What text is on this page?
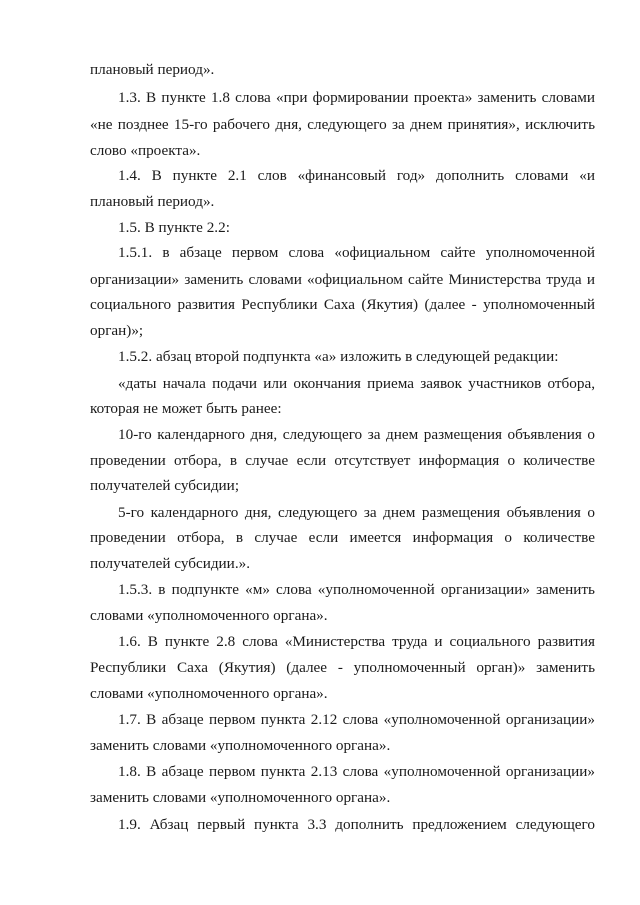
плановый период».
1.3. В пункте 1.8 слова «при формировании проекта» заменить словами
«не позднее 15-го рабочего дня, следующего за днем принятия», исключить
слово «проекта».
1.4. В пункте 2.1 слов «финансовый год» дополнить словами «и
плановый период».
1.5. В пункте 2.2:
1.5.1. в абзаце первом слова «официальном сайте уполномоченной
организации» заменить словами «официальном сайте Министерства труда и
социального развития Республики Саха (Якутия) (далее - уполномоченный
орган)»;
1.5.2. абзац второй подпункта «а» изложить в следующей редакции:
«даты начала подачи или окончания приема заявок участников отбора,
которая не может быть ранее:
10-го календарного дня, следующего за днем размещения объявления о
проведении отбора, в случае если отсутствует информация о количестве
получателей субсидии;
5-го календарного дня, следующего за днем размещения объявления о
проведении отбора, в случае если имеется информация о количестве
получателей субсидии.».
1.5.3. в подпункте «м» слова «уполномоченной организации» заменить
словами «уполномоченного органа».
1.6. В пункте 2.8 слова «Министерства труда и социального развития
Республики Саха (Якутия) (далее - уполномоченный орган)» заменить
словами «уполномоченного органа».
1.7. В абзаце первом пункта 2.12 слова «уполномоченной организации»
заменить словами «уполномоченного органа».
1.8. В абзаце первом пункта 2.13 слова «уполномоченной организации»
заменить словами «уполномоченного органа».
1.9. Абзац первый пункта 3.3 дополнить предложением следующего
